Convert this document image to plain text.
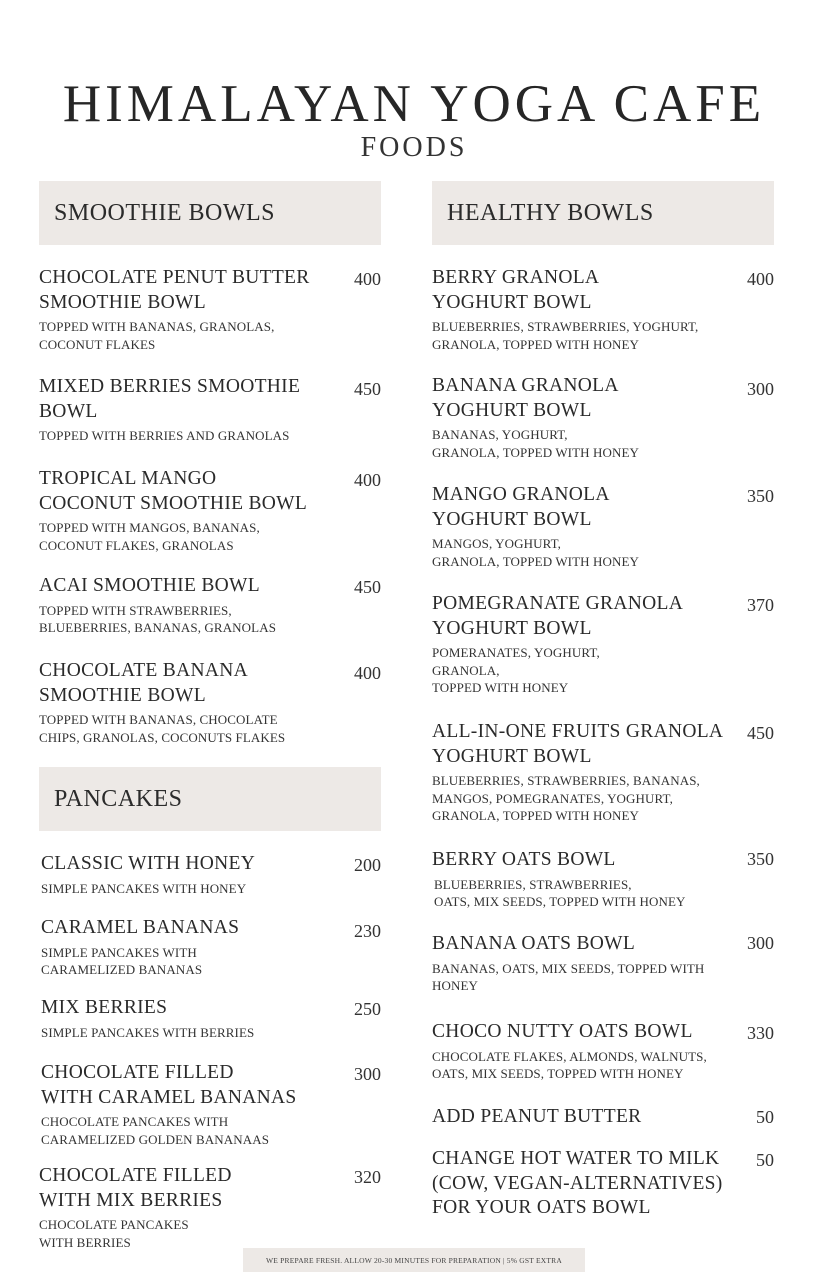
HIMALAYAN YOGA CAFE
FOODS
SMOOTHIE BOWLS
CHOCOLATE PENUT BUTTER
SMOOTHIE BOWL
TOPPED WITH BANANAS, GRANOLAS,
COCONUT FLAKES
400
MIXED BERRIES SMOOTHIE
BOWL
TOPPED WITH BERRIES AND GRANOLAS
450
TROPICAL MANGO
COCONUT SMOOTHIE BOWL
TOPPED WITH MANGOS, BANANAS,
COCONUT FLAKES, GRANOLAS
400
ACAI SMOOTHIE BOWL
TOPPED WITH STRAWBERRIES,
BLUEBERRIES, BANANAS, GRANOLAS
450
CHOCOLATE BANANA
SMOOTHIE BOWL
TOPPED WITH BANANAS, CHOCOLATE
CHIPS, GRANOLAS, COCONUTS FLAKES
400
PANCAKES
CLASSIC WITH HONEY
SIMPLE PANCAKES WITH HONEY
200
CARAMEL BANANAS
SIMPLE PANCAKES WITH
CARAMELIZED BANANAS
230
MIX BERRIES
SIMPLE PANCAKES WITH BERRIES
250
CHOCOLATE FILLED
WITH CARAMEL BANANAS
CHOCOLATE PANCAKES WITH
CARAMELIZED GOLDEN BANANAAS
300
CHOCOLATE FILLED
WITH MIX BERRIES
CHOCOLATE PANCAKES
WITH BERRIES
320
HEALTHY BOWLS
BERRY GRANOLA
YOGHURT BOWL
BLUEBERRIES, STRAWBERRIES, YOGHURT,
GRANOLA, TOPPED WITH HONEY
400
BANANA GRANOLA
YOGHURT BOWL
BANANAS, YOGHURT,
GRANOLA, TOPPED WITH HONEY
300
MANGO GRANOLA
YOGHURT BOWL
MANGOS, YOGHURT,
GRANOLA, TOPPED WITH HONEY
350
POMEGRANATE GRANOLA
YOGHURT BOWL
POMERANATES, YOGHURT,
GRANOLA,
TOPPED WITH HONEY
370
ALL-IN-ONE FRUITS GRANOLA
YOGHURT BOWL
BLUEBERRIES, STRAWBERRIES, BANANAS,
MANGOS, POMEGRANATES, YOGHURT,
GRANOLA, TOPPED WITH HONEY
450
BERRY OATS BOWL
BLUEBERRIES, STRAWBERRIES,
OATS, MIX SEEDS, TOPPED WITH HONEY
350
BANANA OATS BOWL
BANANAS, OATS, MIX SEEDS, TOPPED WITH
HONEY
300
CHOCO NUTTY OATS BOWL
CHOCOLATE FLAKES, ALMONDS, WALNUTS,
OATS, MIX SEEDS, TOPPED WITH HONEY
330
ADD PEANUT BUTTER	50
CHANGE HOT WATER TO MILK
(COW, VEGAN-ALTERNATIVES)
FOR YOUR OATS BOWL
50
WE PREPARE FRESH. ALLOW 20-30 MINUTES FOR PREPARATION | 5% GST EXTRA
